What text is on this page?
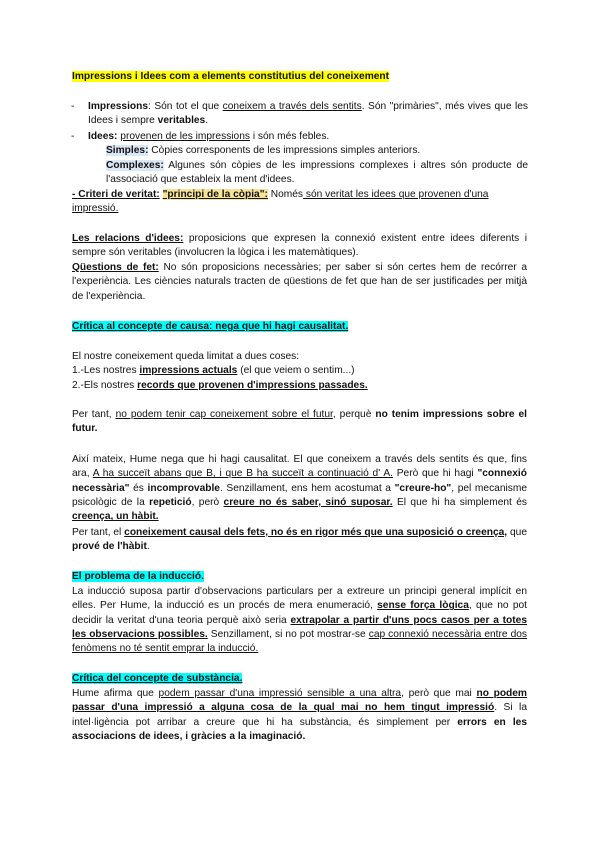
Impressions i Idees com a elements constitutius del coneixement

- Impressions: Són tot el que coneixem a través dels sentits. Són "primàries", més vives que les Idees i sempre veritables.
- Idees: provenen de les impressions i són més febles.
Simples: Còpies corresponents de les impressions simples anteriors.
Complexes: Algunes són còpies de les impressions complexes i altres són producte de l'associació que estableix la ment d'idees.

- Criteri de veritat: "principi de la còpia": Només són veritat les idees que provenen d'una impressió.

Les relacions d'idees: proposicions que expresen la connexió existent entre idees diferents i sempre són veritables (involucren la lògica i les matemàtiques).

Qüestions de fet: No són proposicions necessàries; per saber si són certes hem de recórrer a l'experiència. Les ciències naturals tracten de qüestions de fet que han de ser justificades per mitjà de l'experiència.

Crítica al concepte de causa: nega que hi hagi causalitat.

El nostre coneixement queda limitat a dues coses:

1.-Les nostres impressions actuals (el que veiem o sentim...)

2.-Els nostres records que provenen d'impressions passades.

Per tant, no podem tenir cap coneixement sobre el futur, perquè no tenim impressions sobre el futur.

Així mateix, Hume nega que hi hagi causalitat. El que coneixem a través dels sentits és que, fins ara, A ha succeït abans que B, i que B ha succeït a continuació d' A. Però que hi hagi "connexió necessària" és incomprovable. Senzillament, ens hem acostumat a "creure-ho", pel mecanisme psicològic de la repetició, però creure no és saber, sinó suposar. El que hi ha simplement és creença, un hàbit.

Per tant, el coneixement causal dels fets, no és en rigor més que una suposició o creença, que prové de l'hàbit.

El problema de la inducció.

La inducció suposa partir d'observacions particulars per a extreure un principi general implícit en elles. Per Hume, la inducció es un procés de mera enumeració, sense força lògica, que no pot decidir la veritat d'una teoria perquè això seria extrapolar a partir d'uns pocs casos per a totes les observacions possibles. Senzillament, si no pot mostrar-se cap connexió necessària entre dos fenòmens no té sentit emprar la inducció.

Crítica del concepte de substància.

Hume afirma que podem passar d'una impressió sensible a una altra, però que mai no podem passar d'una impressió a alguna cosa de la qual mai no hem tingut impressió. Si la intel·ligència pot arribar a creure que hi ha substància, és simplement per errors en les associacions de idees, i gràcies a la imaginació.
